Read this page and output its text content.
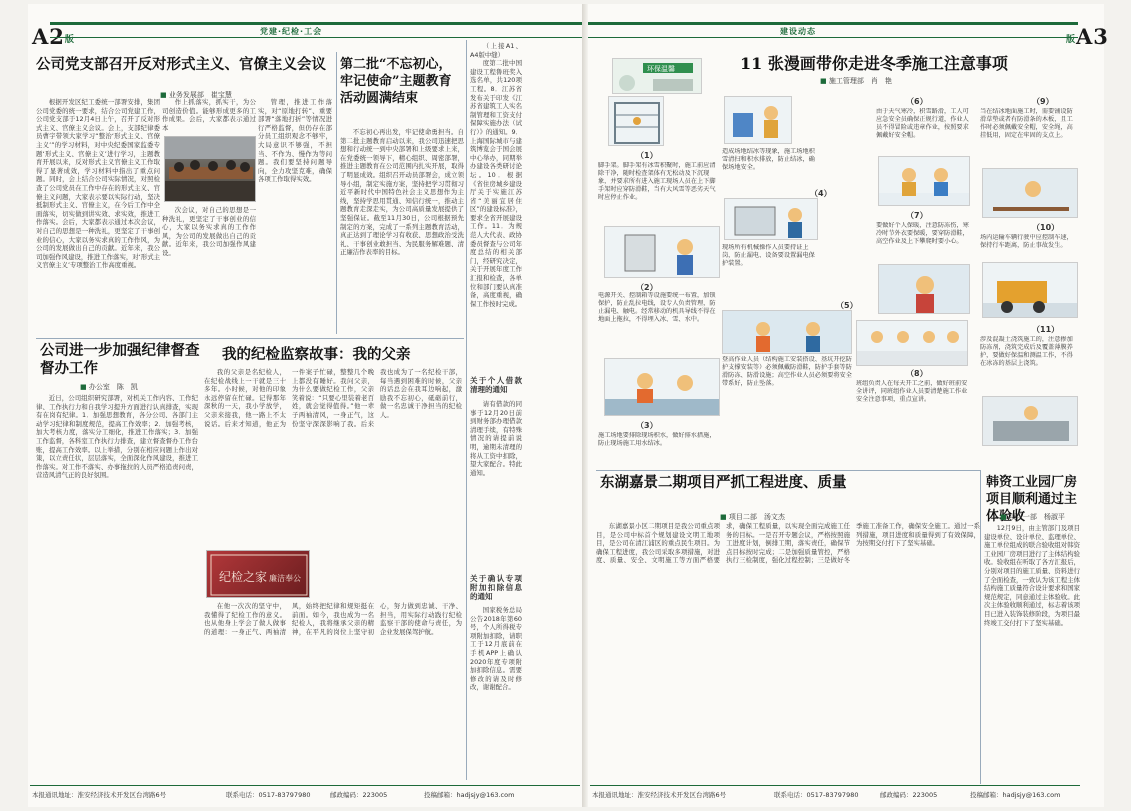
A2版
党建·纪检·工会	建设动态
版A3
公司党支部召开反对形式主义、官僚主义会议
■ 业务发展部　崔宝慧

根据开发区纪工委统一部署安排，集团公司党委的统一要求，结合公司党建工作，公司党支部于12月4日上午，召开了反对形式主义、官僚主义会议。会上，支部纪律委员曹宇带领大家学习“整治‘形式主义、官僚主义’”的学习材料，对中央纪委国家监委专题‘形式主义、官僚主义’进行学习，主题教育开展以来，反对形式主义官僚主义工作取得了显著成效，学习材料中指出了重点问题。同时，会上结合公司实际情况，对照检查了公司党员在工作中存在的形式主义、官僚主义问题，大家表示要以实际行动，坚决抵制形式主义、官僚主义，在今后工作中全面落实，切实做到讲实效、求实效，推进工作落实。会后，大家都表示通过本次会议，对自己的思想是一种洗礼，更坚定了干事创业的信心，大家以务实求真的工作作风，为公司的发展做出自己的贡献。近年来，我公司加强作风建设，推进工作落实，对‘形式主义官僚主义’专项整治工作高度重视。

作上抓落实，抓实干，为公司创造价值。能够形成更多的工作成果。会后，大家都表示通过本

管理，推进工作落实，对“原地打转”、重要部署“落地打折”等情况进行严格监督，但仍存在部分员工组织观念不够牢，大局意识不够强，不担当、不作为、慢作为等问题。我们要坚持问题导向，全力攻坚克难，确保各项工作取得实效。

次会议，对自己的思想是一种洗礼，更坚定了干事创业的信心，大家以务实求真的工作作风，为公司的发展做出自己的贡献。近年来，我公司加强作风建设。

第二批“不忘初心，牢记使命”主题教育活动圆满结束

不忘初心再出发，牢记使命勇担当。自第二批主题教育启动以来，我公司迅速把思想和行动统一到中央部署和上级要求上来，在党委统一领导下，精心组织、周密部署，推进主题教育在公司范围内扎实开展，取得了明显成效。组织召开动员部署会，成立领导小组，制定实施方案，坚持把学习贯彻习近平新时代中国特色社会主义思想作为主线，坚持学思用贯通、知信行统一，推动主题教育走深走实，为公司高质量发展提供了坚强保证。截至11月30日，公司根据预先制定的方案，完成了一系列主题教育活动，真正达到了理论学习有收获、思想政治受洗礼、干事创业敢担当、为民服务解难题、清正廉洁作表率的目标。

（上接A1、A4版中缝）

度第二批中国建设工程鲁班奖入选名单，共120项工程。8．江苏省发布关于印发《江苏省建筑工人实名制管理和工资支付保障实施办法（试行）》的通知。9．上海国际城市与建筑博览会于国会展中心举办，同期举办建设各类研讨论坛。10．根据《省住房城乡建设厅关于实施江苏省“美丽宜居住区”的建设标准》，要求全省开展建设工作。11．为规范人大代表、政协委员督查与公司年度总结的相关部门，经研究决定，关于开展年度工作汇报和检查，各单位和部门要认真准备，高度重视，确保工作按时完成。

关于个人借款清理的通知

请有借款的同事于12月20日前到财务部办理借款清理手续，有特殊情况的请提前说明，逾期未清理的将从工资中扣除，望大家配合。特此通知。

关于确认专项附加扣除信息的通知

国家税务总局公告2018年第60号，个人所得税专项附加扣除，请职工于12月底前在手机APP上确认2020年度专项附加扣除信息。需要修改的请及时修改，谢谢配合。

公司进一步加强纪律督查督办工作
■ 办公室　陈　凯

近日，公司组织研究部署，对机关工作内容、工作纪律、工作执行力和自我学习提升方面进行认真排查，实现有在岗有纪律。1．加强思想教育，各分公司、各部门主动学习纪律和制度规范，提高工作效率；2．加强考核，加大考核力度，落实分工细化，推进工作落实；3．加强工作监督，各科室工作执行力排查，建立督查督办工作台账，提高工作效率。以上举措，分别在相应问题上作出对策，以立责任状，层层落实，全面深化作风建设，推进工作落实。对工作不落实、办事拖拉的人员严格追责问责，营造风清气正的良好氛围。

我的纪检监察故事：我的父亲

我的父亲是名纪检人，在纪检战线上一干就是三十多年。小时候，对他的印象永远停留在忙碌。记得那年深秋的一天，我小学放学，父亲来接我，他一路上不太说话。后来才知道，他正为一件案子忙碌，整整几个晚上都没有睡好。我问父亲，为什么要做纪检工作，父亲笑着说：“只要心里装着老百姓，就会觉得值得。”他一辈子两袖清风，一身正气，这份坚守深深影响了我。后来我也成为了一名纪检干部，每当遇到困难的时候，父亲的话总会在我耳边响起，激励我不忘初心，砥砺前行，做一名忠诚干净担当的纪检人。

纪检之家 廉洁奉公

在他一次次的坚守中，我懂得了纪检工作的意义。也从他身上学会了做人做事的道理：一身正气、两袖清风，始终把纪律和规矩挺在前面。如今，我也成为一名纪检人，我将继承父亲的精神，在平凡的岗位上坚守初心，努力做到忠诚、干净、担当，用实际行动践行纪检监察干部的使命与责任，为企业发展保驾护航。

本报通讯地址：淮安经济技术开发区台湾路6号	联系电话：0517-83797980	邮政编码：223005	投稿邮箱：hadjsjy@163.com
11 张漫画带你走进冬季施工注意事项
■ 施工管理部　肖　艳
环保温馨
（1）
脚手架。脚手架有冰雪积聚时，施工前应清除干净，随时检查架体有无松动及下沉现象，并要求所有进入施工现场人员在上下脚手架时应穿防滑鞋，当有大风雪等恶劣天气时应停止作业。
（2）
电源开关、控制箱等设施要统一布置，加锁保护，防止乱拉电线，设专人负责管理，防止漏电、触电。经常移动的机具导线不得在地面上拖拉，不得埋入冰、雪、水中。
（3）
施工场地要排除现场积水，做好排水措施，防止现场施工用水结冰。
（4）
现场所有机械操作人员要持证上岗，防止漏电、设备要设置漏电保护装置。
造成场地结冰等现象，施工场地积雪清扫和积水排放，防止结冰，确保场地安全。
（5）
登高作业人员（结构施工安装搭设、基坑开挖防护支撑安装等）必须佩戴防滑鞋，防护手套等防滑防冻、防滑设施；高空作业人员必须要将安全带系好，防止坠落。
（6）
由于天气寒冷，积雪路滑，工人可应急安全员确保正规行道，作业人员不得冒险或违章作业，按照要求佩戴好安全帽。
（7）
要做好个人保暖，注意防冻伤，寒冷时节外衣要保暖，要穿防滑鞋，高空作业及上下攀爬时要小心。
（8）
班组负责人在每天开工之前，做好班前安全讲评，同班组作业人员要清楚施工作业安全注意事项，重点宣讲。
（9）
当在结冰地面施工时，需要铺设防滑草垫或者有防滑条的木板，且工作时必须佩戴安全帽，安全绳，高挂低用，固定在牢固的支点上。
（10）
场内运输车辆行驶中应控制车速，保持行车距离，防止事故发生。
（11）
涉及混凝土浇筑施工的，注意掺加防冻剂，浇筑完成后及覆盖薄膜养护，要做好保温和测温工作，不得在冰冻的基层上浇筑。
东湖嘉景二期项目严抓工程进度、质量
■ 项目二部　汤文杰

东湖嘉景小区二期项目是我公司重点项目，是公司中标首个规划建设文明工地项目，是公司在清江浦区的重点民生项目。为确保工程进度，我公司采取多项措施，对进度、质量、安全、文明施工等方面严格要求，确保工程质量，以实现全面完成施工任务的目标。一是召开专题会议，严格按照施工进度计划，倒排工期，落实责任，确保节点目标按时完成；二是加强质量管控，严格执行三检制度，强化过程控制；三是做好冬季施工准备工作，确保安全施工。通过一系列措施，项目进度和质量得到了有效保障，为按期交付打下了坚实基础。

韩资工业园厂房项目顺利通过主体验收
■ 项目一部　杨淑平

12月9日，由主管部门及项目建设单位、设计单位、监理单位、施工单位组成的联合验收组对韩资工业园厂房项目进行了主体结构验收。验收组在听取了各方汇报后，分别对项目的施工质量、资料进行了全面检查，一致认为该工程主体结构施工质量符合设计要求和国家规范规定，同意通过主体验收。此次主体验收顺利通过，标志着该项目已进入装饰装修阶段，为项目最终竣工交付打下了坚实基础。

本报通讯地址：淮安经济技术开发区台湾路6号	联系电话：0517-83797980	邮政编码：223005	投稿邮箱：hadjsjy@163.com
